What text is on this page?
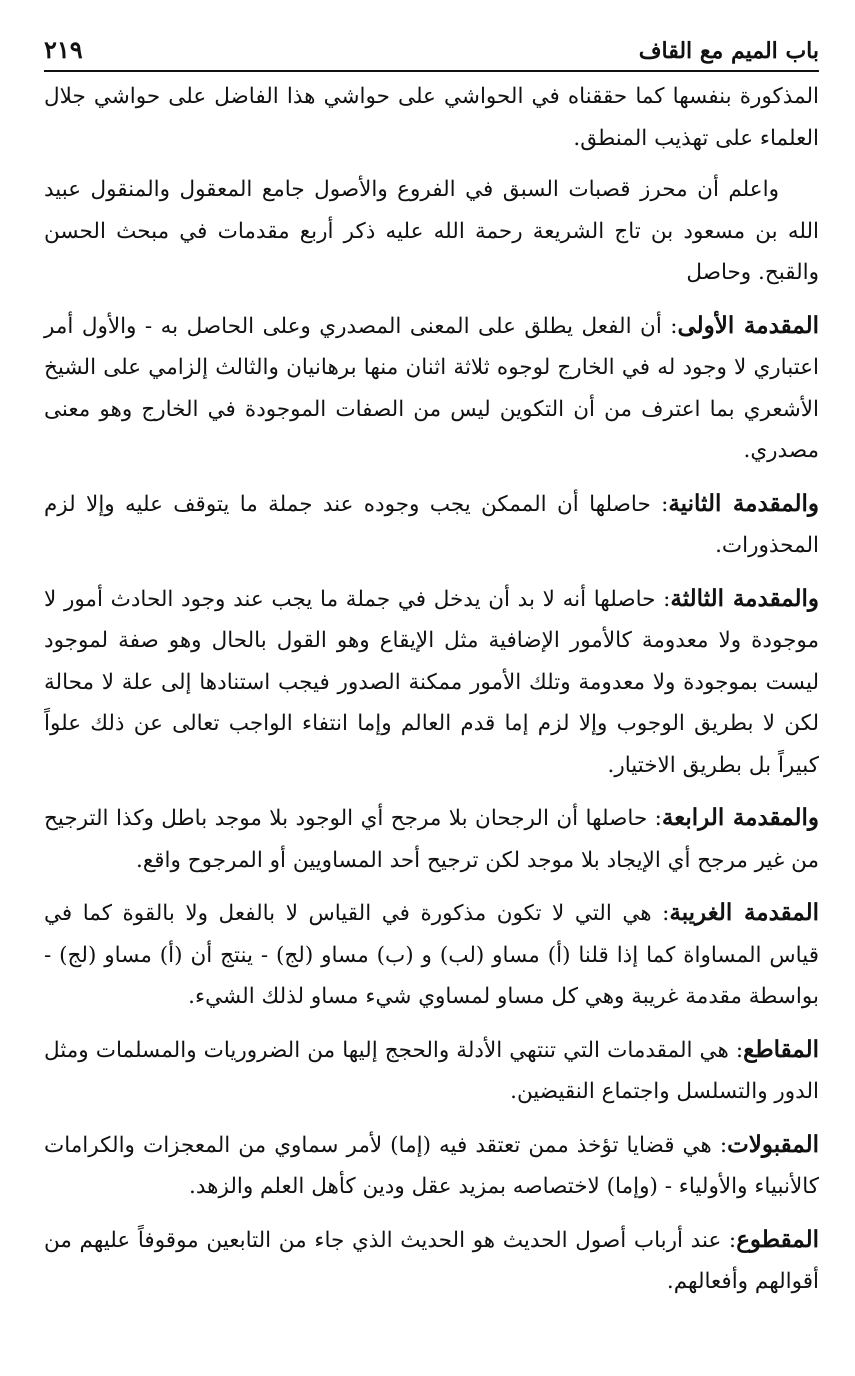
باب الميم مع القاف
٢١٩

المذكورة بنفسها كما حققناه في الحواشي على حواشي هذا الفاضل على حواشي جلال العلماء على تهذيب المنطق.

واعلم أن محرز قصبات السبق في الفروع والأصول جامع المعقول والمنقول عبيد الله بن مسعود بن تاج الشريعة رحمة الله عليه ذكر أربع مقدمات في مبحث الحسن والقبح. وحاصل

المقدمة الأولى: أن الفعل يطلق على المعنى المصدري وعلى الحاصل به - والأول أمر اعتباري لا وجود له في الخارج لوجوه ثلاثة اثنان منها برهانيان والثالث إلزامي على الشيخ الأشعري بما اعترف من أن التكوين ليس من الصفات الموجودة في الخارج وهو معنى مصدري.

والمقدمة الثانية: حاصلها أن الممكن يجب وجوده عند جملة ما يتوقف عليه وإلا لزم المحذورات.

والمقدمة الثالثة: حاصلها أنه لا بد أن يدخل في جملة ما يجب عند وجود الحادث أمور لا موجودة ولا معدومة كالأمور الإضافية مثل الإيقاع وهو القول بالحال وهو صفة لموجود ليست بموجودة ولا معدومة وتلك الأمور ممكنة الصدور فيجب استنادها إلى علة لا محالة لكن لا بطريق الوجوب وإلا لزم إما قدم العالم وإما انتفاء الواجب تعالى عن ذلك علواً كبيراً بل بطريق الاختيار.

والمقدمة الرابعة: حاصلها أن الرجحان بلا مرجح أي الوجود بلا موجد باطل وكذا الترجيح من غير مرجح أي الإيجاد بلا موجد لكن ترجيح أحد المساويين أو المرجوح واقع.

المقدمة الغريبة: هي التي لا تكون مذكورة في القياس لا بالفعل ولا بالقوة كما في قياس المساواة كما إذا قلنا (أ) مساو (لب) و (ب) مساو (لج) - ينتج أن (أ) مساو (لج) - بواسطة مقدمة غريبة وهي كل مساو لمساوي شيء مساو لذلك الشيء.

المقاطع: هي المقدمات التي تنتهي الأدلة والحجج إليها من الضروريات والمسلمات ومثل الدور والتسلسل واجتماع النقيضين.

المقبولات: هي قضايا تؤخذ ممن تعتقد فيه (إما) لأمر سماوي من المعجزات والكرامات كالأنبياء والأولياء - (وإما) لاختصاصه بمزيد عقل ودين كأهل العلم والزهد.

المقطوع: عند أرباب أصول الحديث هو الحديث الذي جاء من التابعين موقوفاً عليهم من أقوالهم وأفعالهم.
